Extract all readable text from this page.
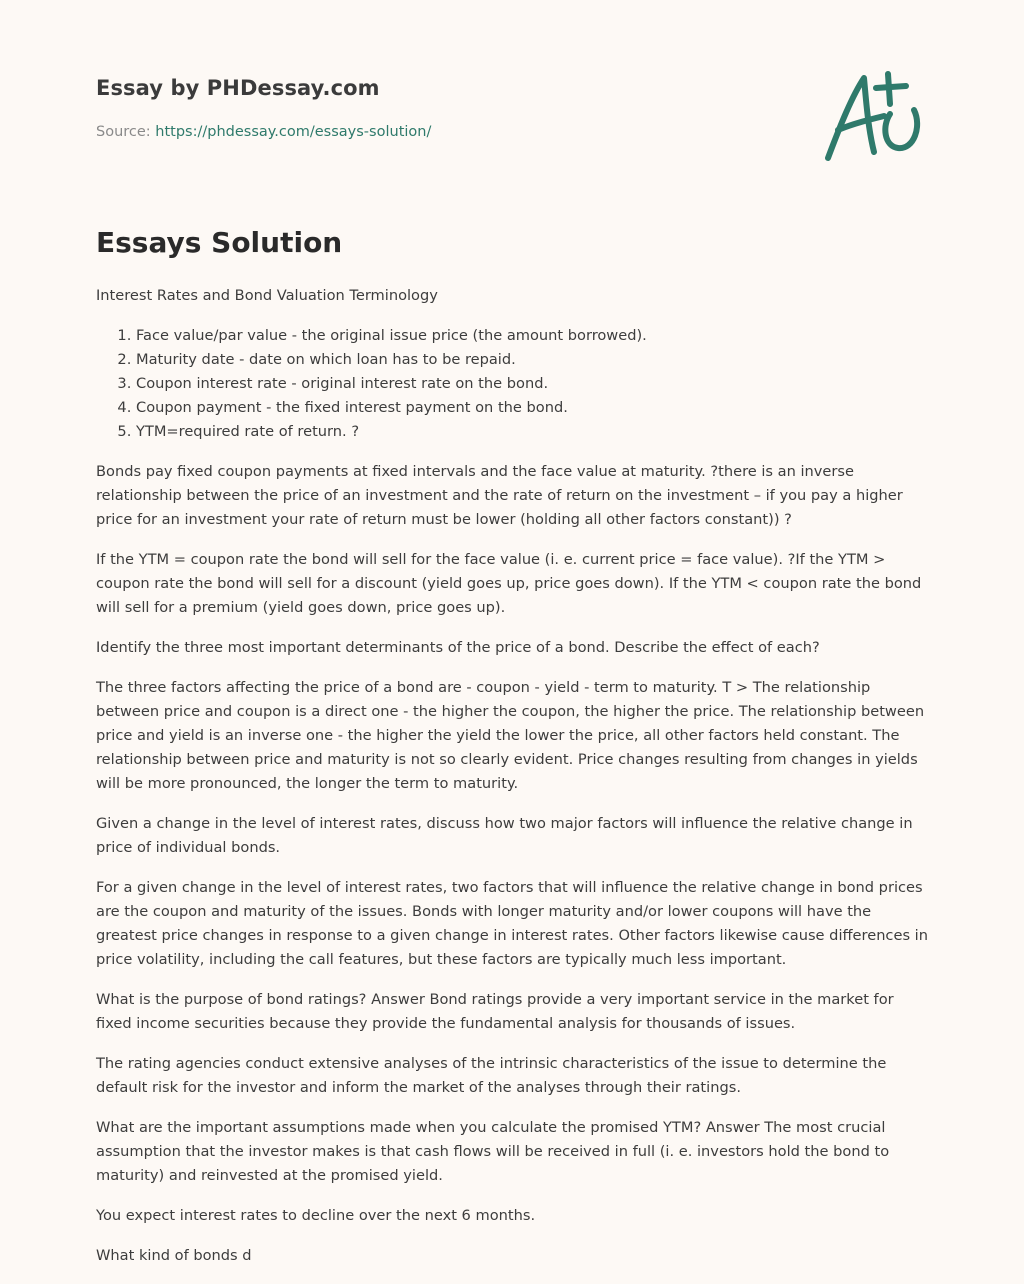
Essay by PHDessay.com
Source: https://phdessay.com/essays-solution/
Essays Solution

Interest Rates and Bond Valuation Terminology

1. Face value/par value - the original issue price (the amount borrowed).
2. Maturity date - date on which loan has to be repaid.
3. Coupon interest rate - original interest rate on the bond.
4. Coupon payment - the fixed interest payment on the bond.
5. YTM=required rate of return. ?

Bonds pay fixed coupon payments at fixed intervals and the face value at maturity. ?there is an inverse relationship between the price of an investment and the rate of return on the investment – if you pay a higher price for an investment your rate of return must be lower (holding all other factors constant)) ?

If the YTM = coupon rate the bond will sell for the face value (i. e. current price = face value). ?If the YTM > coupon rate the bond will sell for a discount (yield goes up, price goes down). If the YTM < coupon rate the bond will sell for a premium (yield goes down, price goes up).

Identify the three most important determinants of the price of a bond. Describe the effect of each?

The three factors affecting the price of a bond are - coupon - yield - term to maturity. T > The relationship between price and coupon is a direct one - the higher the coupon, the higher the price. The relationship between price and yield is an inverse one - the higher the yield the lower the price, all other factors held constant. The relationship between price and maturity is not so clearly evident. Price changes resulting from changes in yields will be more pronounced, the longer the term to maturity.

Given a change in the level of interest rates, discuss how two major factors will influence the relative change in price of individual bonds.

For a given change in the level of interest rates, two factors that will influence the relative change in bond prices are the coupon and maturity of the issues. Bonds with longer maturity and/or lower coupons will have the greatest price changes in response to a given change in interest rates. Other factors likewise cause differences in price volatility, including the call features, but these factors are typically much less important.

What is the purpose of bond ratings? Answer Bond ratings provide a very important service in the market for fixed income securities because they provide the fundamental analysis for thousands of issues.

The rating agencies conduct extensive analyses of the intrinsic characteristics of the issue to determine the default risk for the investor and inform the market of the analyses through their ratings.

What are the important assumptions made when you calculate the promised YTM? Answer The most crucial assumption that the investor makes is that cash flows will be received in full (i. e. investors hold the bond to maturity) and reinvested at the promised yield.

You expect interest rates to decline over the next 6 months.

What kind of bonds d
